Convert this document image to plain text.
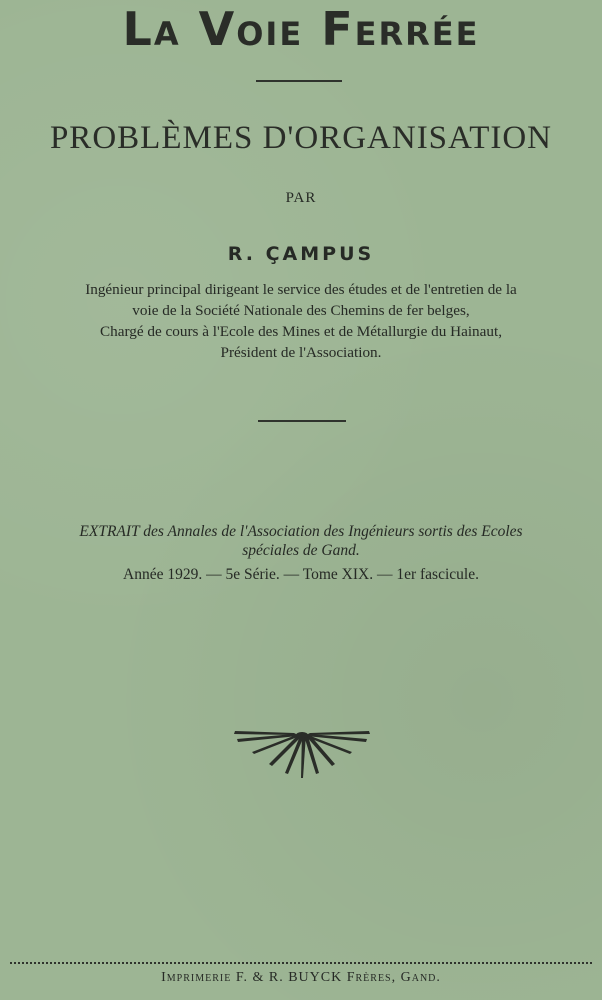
La Voie Ferrée
PROBLÈMES D'ORGANISATION
PAR
R. ÇAMPUS
Ingénieur principal dirigeant le service des études et de l'entretien de la
voie de la Société Nationale des Chemins de fer belges,
Chargé de cours à l'Ecole des Mines et de Métallurgie du Hainaut,
Président de l'Association.
EXTRAIT des Annales de l'Association des Ingénieurs sortis des Ecoles
spéciales de Gand.
Année 1929. — 5e Série. — Tome XIX. — 1er fascicule.
Imprimerie F. & R. BUYCK Frères, Gand.
